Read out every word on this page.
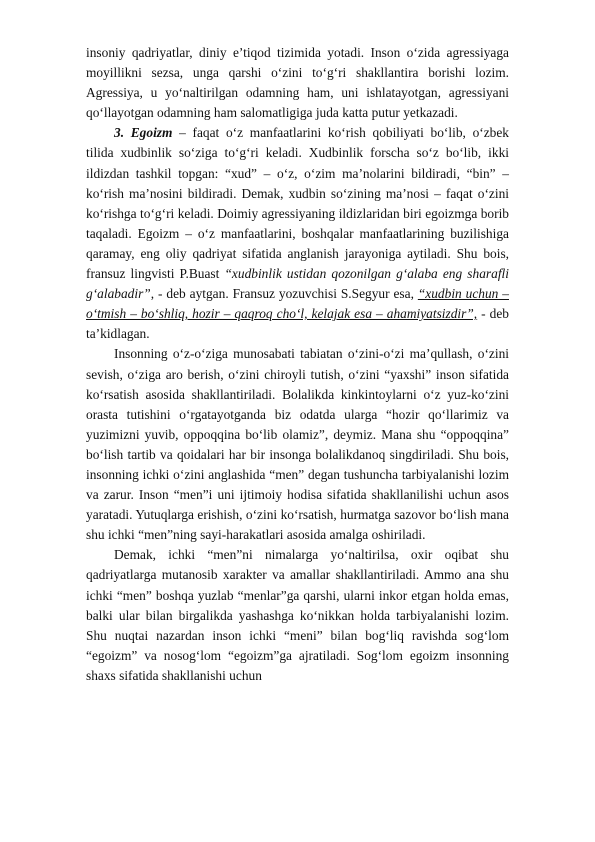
insoniy qadriyatlar, diniy e’tiqod tizimida yotadi. Inson o‘zida agressiyaga moyillikni sezsa, unga qarshi o‘zini to‘g‘ri shakllantira borishi lozim. Agressiya, u yo‘naltirilgan odamning ham, uni ishlatayotgan, agressiyani qo‘llayotgan odamning ham salomatligiga juda katta putur yetkazadi.

3. Egoizm – faqat o‘z manfaatlarini ko‘rish qobiliyati bo‘lib, o‘zbek tilida xudbinlik so‘ziga to‘g‘ri keladi. Xudbinlik forscha so‘z bo‘lib, ikki ildizdan tashkil topgan: “xud” – o‘z, o‘zim ma’nolarini bildiradi, “bin” – ko‘rish ma’nosini bildiradi. Demak, xudbin so‘zining ma’nosi – faqat o‘zini ko‘rishga to‘g‘ri keladi. Doimiy agressiyaning ildizlaridan biri egoizmga borib taqaladi. Egoizm – o‘z manfaatlarini, boshqalar manfaatlarining buzilishiga qaramay, eng oliy qadriyat sifatida anglanish jarayoniga aytiladi. Shu bois, fransuz lingvisti P.Buast “xudbinlik ustidan qozonilgan g‘alaba eng sharafli g‘alabadir”, - deb aytgan. Fransuz yozuvchisi S.Segyur esa, “xudbin uchun – o‘tmish – bo‘shliq, hozir – qaqroq cho‘l, kelajak esa – ahamiyatsizdir”, - deb ta’kidlagan.

Insonning o‘z-o‘ziga munosabati tabiatan o‘zini-o‘zi ma’qullash, o‘zini sevish, o‘ziga aro berish, o‘zini chiroyli tutish, o‘zini “yaxshi” inson sifatida ko‘rsatish asosida shakllantiriladi. Bolalikda kinkintoylarni o‘z yuz-ko‘zini orasta tutishini o‘rgatayotganda biz odatda ularga “hozir qo‘llarimiz va yuzimizni yuvib, oppoqqina bo‘lib olamiz”, deymiz. Mana shu “oppoqqina” bo‘lish tartib va qoidalari har bir insonga bolalikdanoq singdiriladi. Shu bois, insonning ichki o‘zini anglashida “men” degan tushuncha tarbiyalanishi lozim va zarur. Inson “men”i uni ijtimoiy hodisa sifatida shakllanilishi uchun asos yaratadi. Yutuqlarga erishish, o‘zini ko‘rsatish, hurmatga sazovor bo‘lish mana shu ichki “men”ning sayi-harakatlari asosida amalga oshiriladi.

Demak, ichki “men”ni nimalarga yo‘naltirilsa, oxir oqibat shu qadriyatlarga mutanosib xarakter va amallar shakllantiriladi. Ammo ana shu ichki “men” boshqa yuzlab “menlar”ga qarshi, ularni inkor etgan holda emas, balki ular bilan birgalikda yashashga ko‘nikkan holda tarbiyalanishi lozim. Shu nuqtai nazardan inson ichki “meni” bilan bog‘liq ravishda sog‘lom “egoizm” va nosog‘lom “egoizm”ga ajratiladi. Sog‘lom egoizm insonning shaxs sifatida shakllanishi uchun
